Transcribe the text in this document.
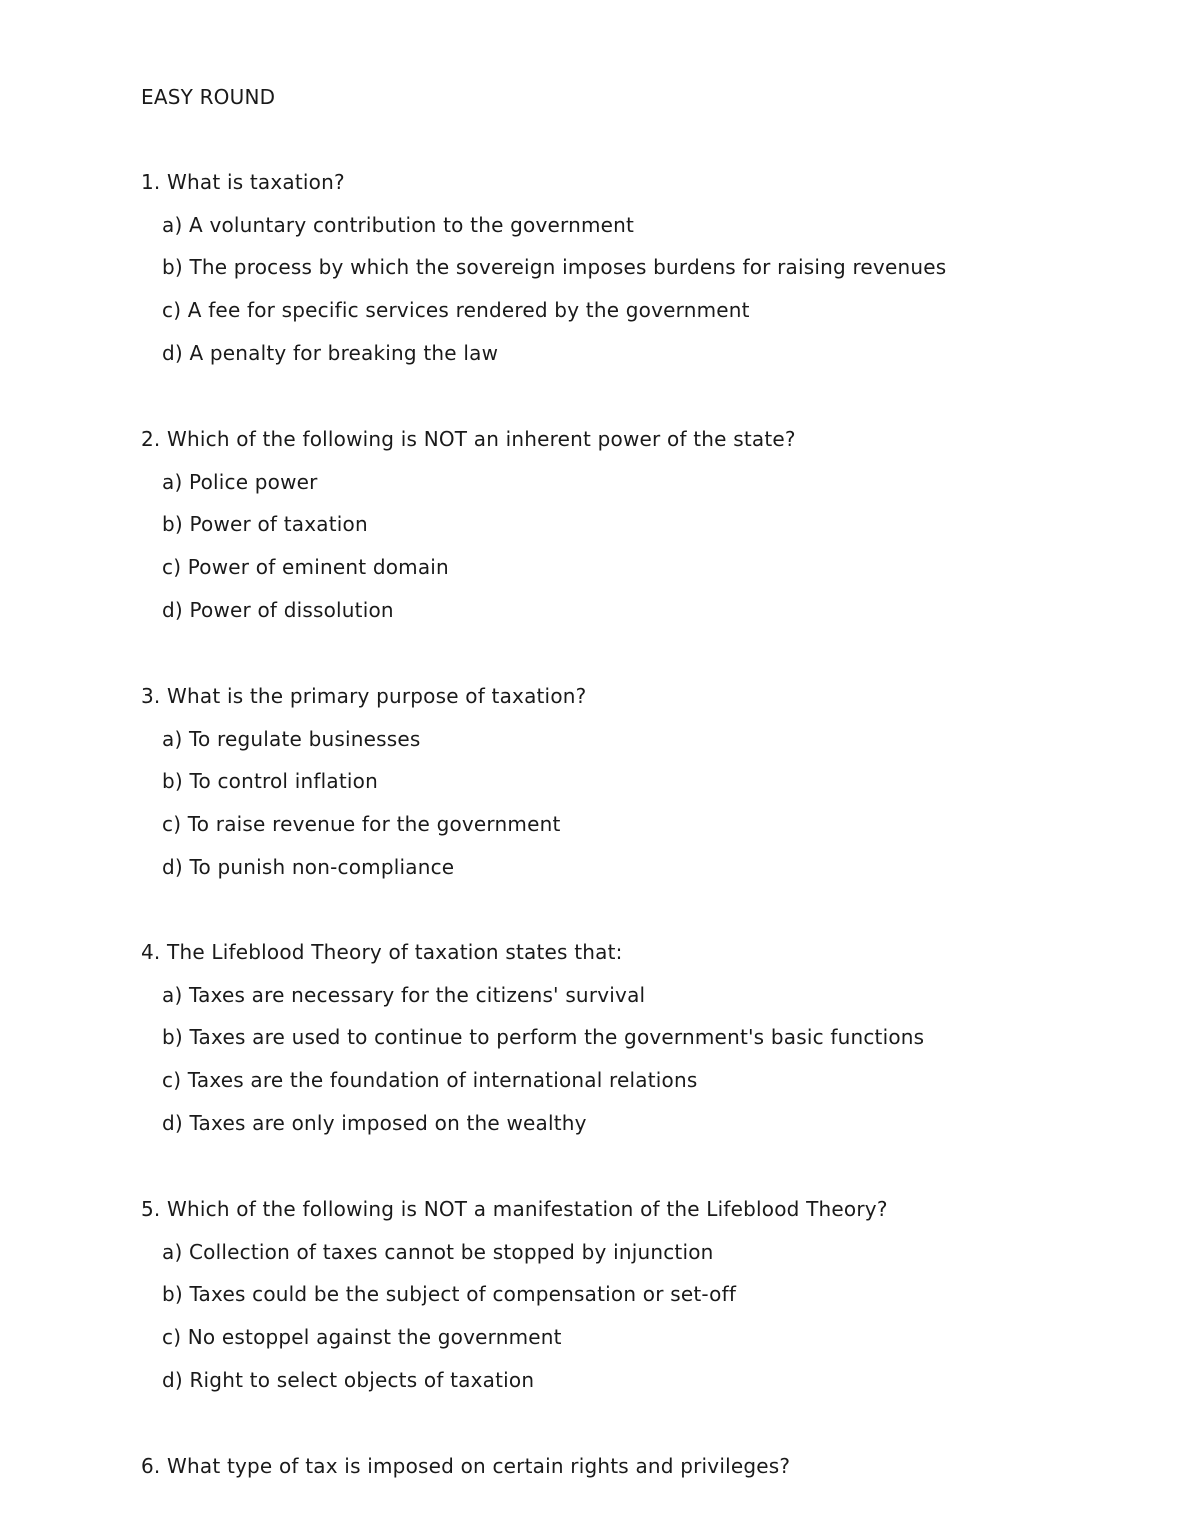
EASY ROUND
1. What is taxation?
a) A voluntary contribution to the government
b) The process by which the sovereign imposes burdens for raising revenues
c) A fee for specific services rendered by the government
d) A penalty for breaking the law
2. Which of the following is NOT an inherent power of the state?
a) Police power
b) Power of taxation
c) Power of eminent domain
d) Power of dissolution
3. What is the primary purpose of taxation?
a) To regulate businesses
b) To control inflation
c) To raise revenue for the government
d) To punish non-compliance
4. The Lifeblood Theory of taxation states that:
a) Taxes are necessary for the citizens' survival
b) Taxes are used to continue to perform the government's basic functions
c) Taxes are the foundation of international relations
d) Taxes are only imposed on the wealthy
5. Which of the following is NOT a manifestation of the Lifeblood Theory?
a) Collection of taxes cannot be stopped by injunction
b) Taxes could be the subject of compensation or set-off
c) No estoppel against the government
d) Right to select objects of taxation
6. What type of tax is imposed on certain rights and privileges?
